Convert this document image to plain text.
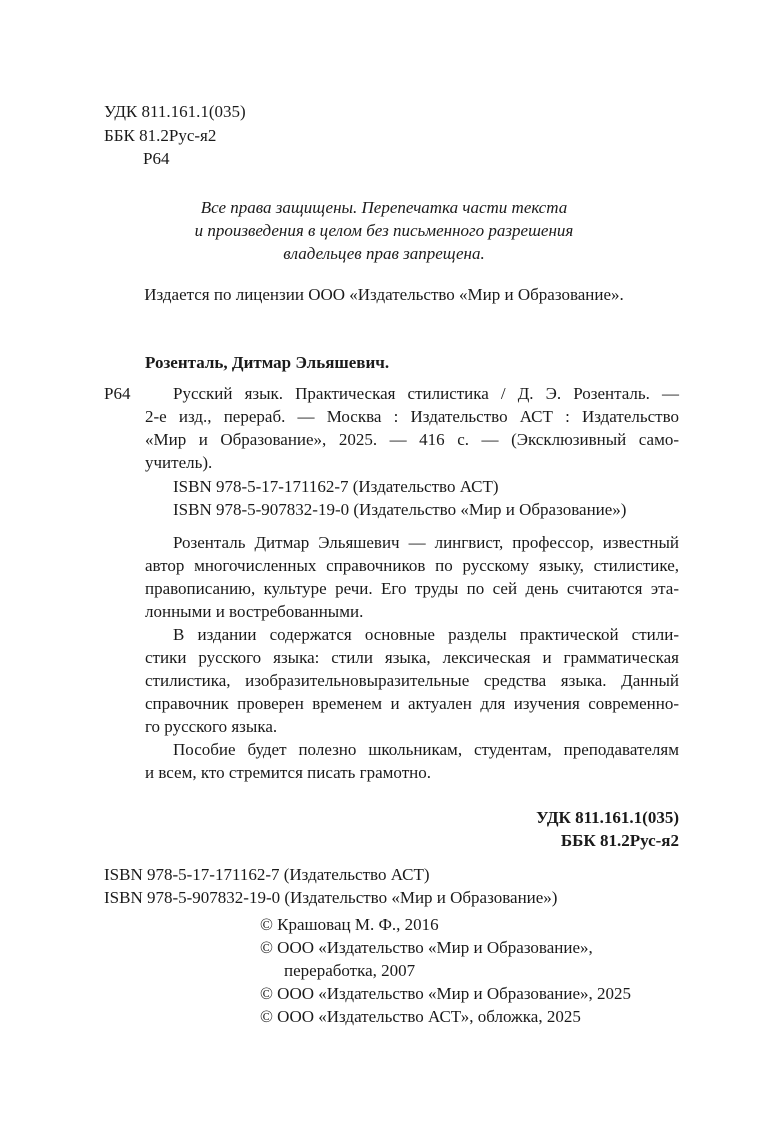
УДК 811.161.1(035)
ББК 81.2Рус-я2
Р64
Все права защищены. Перепечатка части текста
и произведения в целом без письменного разрешения
владельцев прав запрещена.
Издается по лицензии ООО «Издательство «Мир и Образование».
Розенталь, Дитмар Эльяшевич.
Р64	Русский язык. Практическая стилистика / Д. Э. Розенталь. —
2-е изд., перераб. — Москва : Издательство АСТ : Издательство
«Мир и Образование», 2025. — 416 с. — (Эксклюзивный само-
учитель).
ISBN 978-5-17-171162-7 (Издательство АСТ)
ISBN 978-5-907832-19-0 (Издательство «Мир и Образование»)
Розенталь Дитмар Эльяшевич — лингвист, профессор, известный
автор многочисленных справочников по русскому языку, стилистике,
правописанию, культуре речи. Его труды по сей день считаются эта-
лонными и востребованными.
В издании содержатся основные разделы практической стили-
стики русского языка: стили языка, лексическая и грамматическая
стилистика, изобразительновыразительные средства языка. Данный
справочник проверен временем и актуален для изучения современно-
го русского языка.
Пособие будет полезно школьникам, студентам, преподавателям
и всем, кто стремится писать грамотно.
УДК 811.161.1(035)
ББК 81.2Рус-я2
ISBN 978-5-17-171162-7 (Издательство АСТ)
ISBN 978-5-907832-19-0 (Издательство «Мир и Образование»)
© Крашовац М. Ф., 2016
© ООО «Издательство «Мир и Образование»,
переработка, 2007
© ООО «Издательство «Мир и Образование», 2025
© ООО «Издательство АСТ», обложка, 2025
